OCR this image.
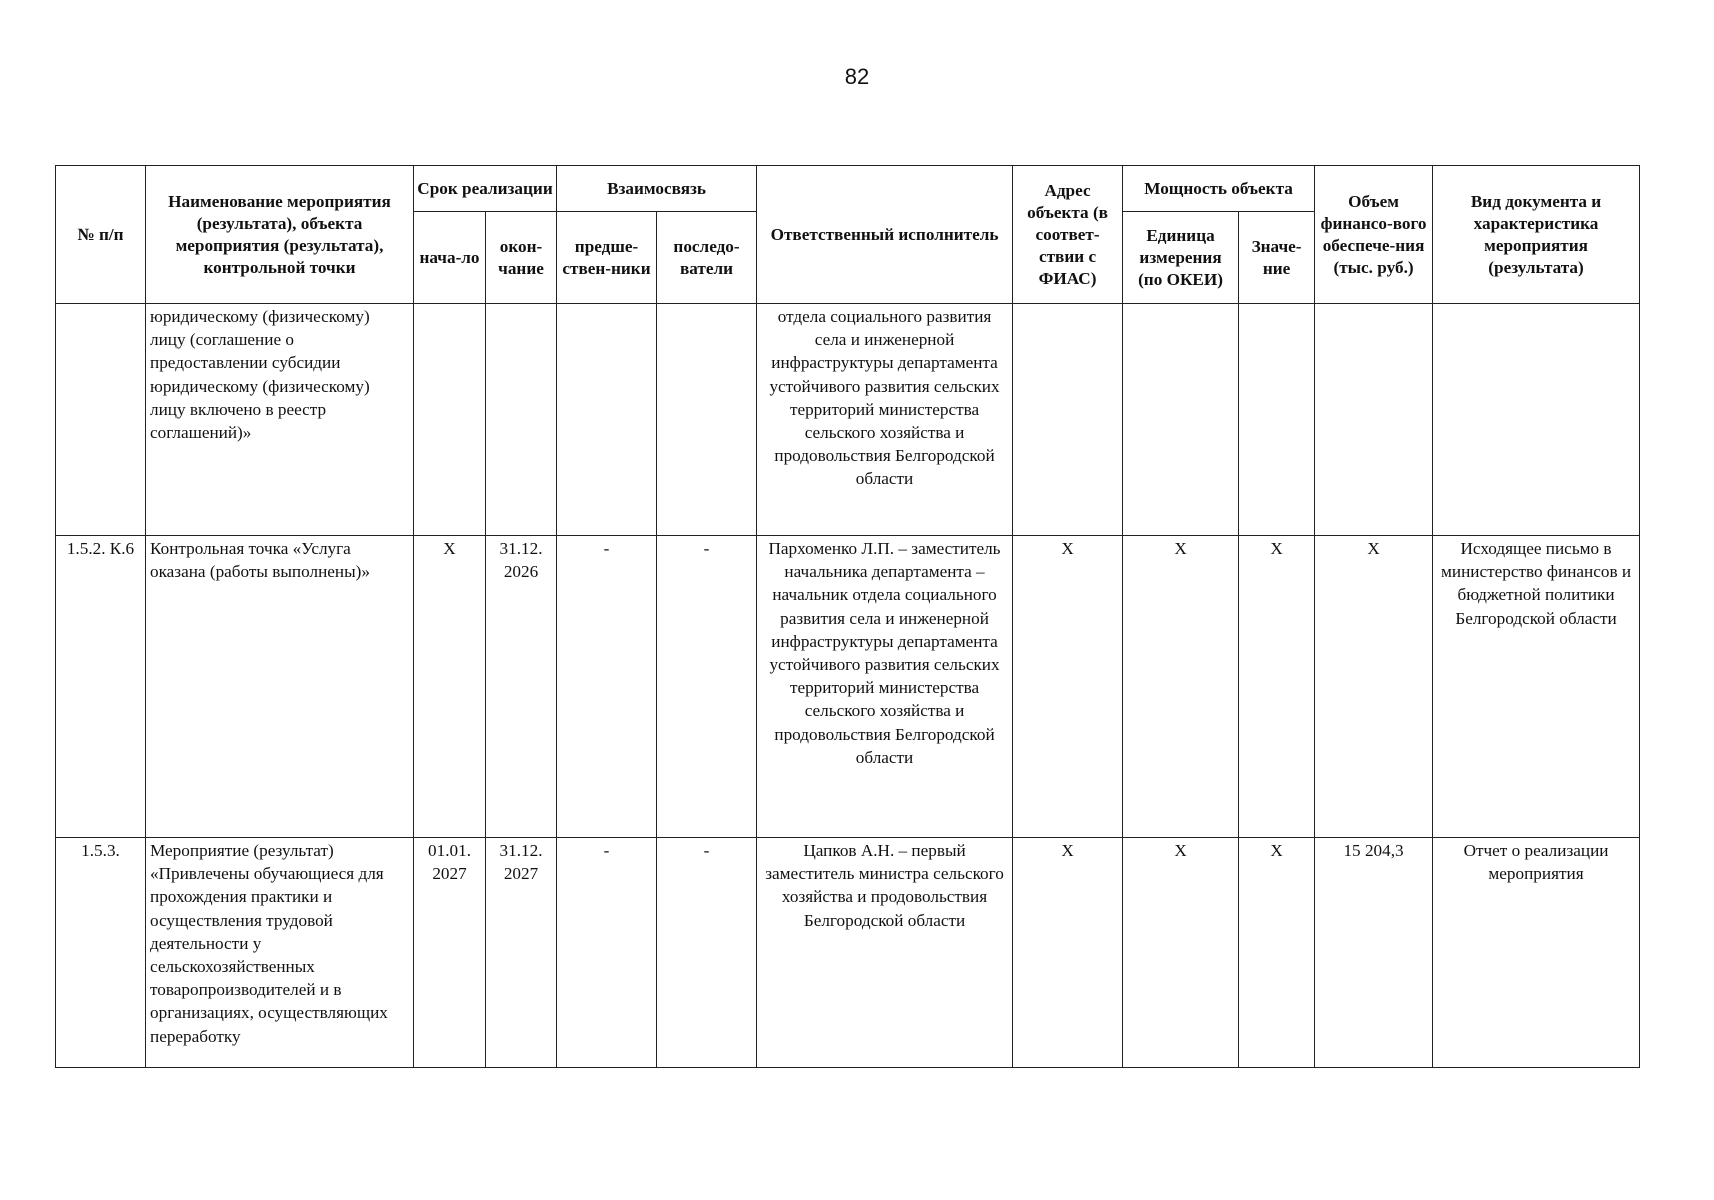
82
№ п/п	Наименование мероприятия (результата), объекта мероприятия (результата), контрольной точки	Срок реализации		Взаимосвязь		Ответственный исполнитель	Адрес объекта (в соответ-ствии с ФИАС)	Мощность объекта		Объем финансо-вого обеспече-ния (тыс. руб.)	Вид документа и характеристика мероприятия (результата)
		нача-ло	окон-чание	предше-ствен-ники	последо-ватели			Единица измерения (по ОКЕИ)	Значе-ние		
	юридическому (физическому) лицу (соглашение о предоставлении субсидии юридическому (физическому) лицу включено в реестр соглашений)»					отдела социального развития села и инженерной инфраструктуры департамента устойчивого развития сельских территорий министерства сельского хозяйства и продовольствия Белгородской области					
1.5.2. К.6	Контрольная точка «Услуга оказана (работы выполнены)»	X	31.12. 2026	-	-	Пархоменко Л.П. – заместитель начальника департамента – начальник отдела социального развития села и инженерной инфраструктуры департамента устойчивого развития сельских территорий министерства сельского хозяйства и продовольствия Белгородской области	X	X	X	X	Исходящее письмо в министерство финансов и бюджетной политики Белгородской области
1.5.3.	Мероприятие (результат) «Привлечены обучающиеся для прохождения практики и осуществления трудовой деятельности у сельскохозяйственных товаропроизводителей и в организациях, осуществляющих переработку	01.01. 2027	31.12. 2027	-	-	Цапков А.Н. – первый заместитель министра сельского хозяйства и продовольствия Белгородской области	X	X	X	15 204,3	Отчет о реализации мероприятия
